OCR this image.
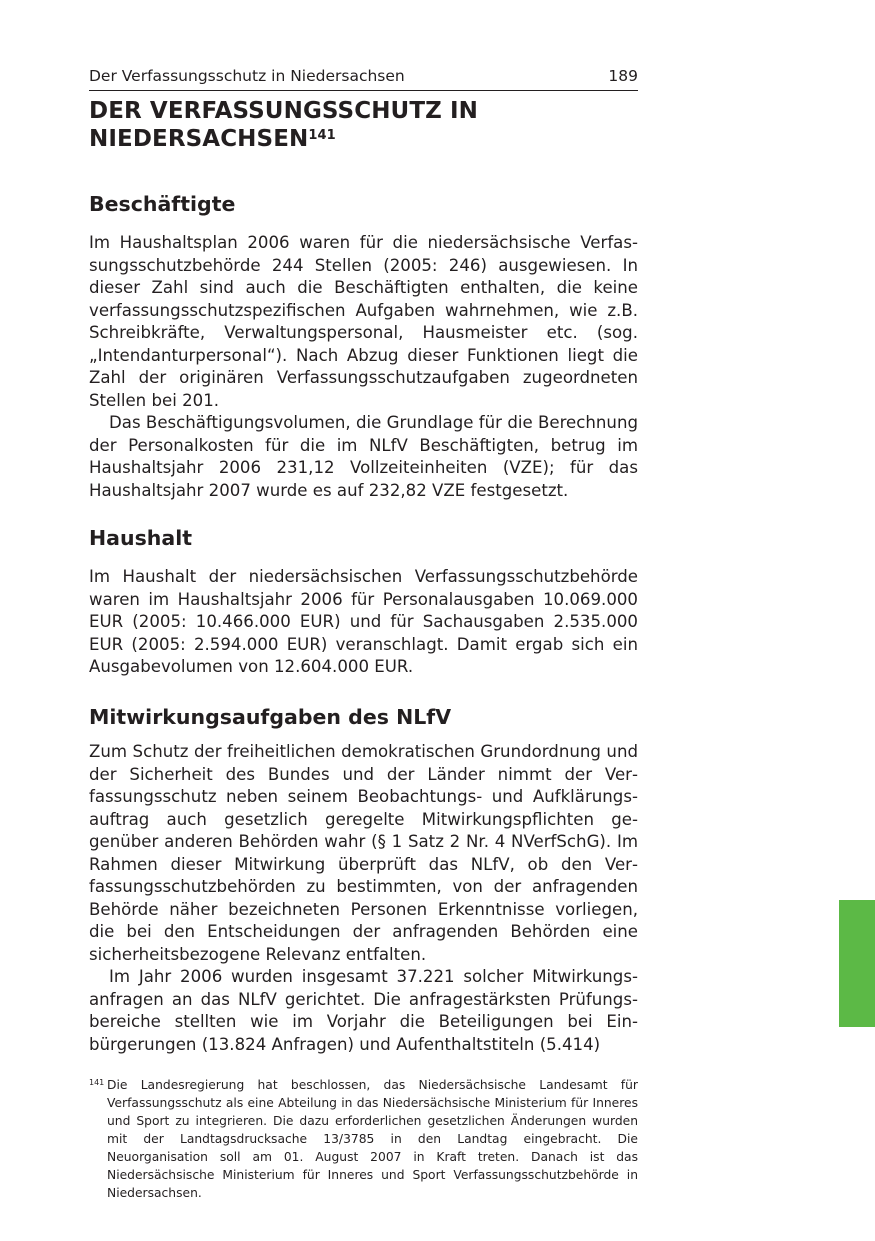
Der Verfassungsschutz in Niedersachsen	189
DER VERFASSUNGSSCHUTZ IN
NIEDERSACHSEN$^{141}$
Beschäftigte

Im Haushaltsplan 2006 waren für die niedersächsische Verfassungsschutzbehörde 244 Stellen (2005: 246) ausgewiesen. In dieser Zahl sind auch die Beschäftigten enthalten, die keine verfassungsschutzspezifischen Aufgaben wahrnehmen, wie z.B. Schreibkräfte, Verwaltungspersonal, Hausmeister etc. (sog. „Intendanturpersonal“). Nach Abzug dieser Funktionen liegt die Zahl der originären Verfassungsschutzaufgaben zugeordneten Stellen bei 201.

Das Beschäftigungsvolumen, die Grundlage für die Berechnung der Personalkosten für die im NLfV Beschäftigten, betrug im Haushaltsjahr 2006 231,12 Vollzeiteinheiten (VZE); für das Haushaltsjahr 2007 wurde es auf 232,82 VZE festgesetzt.

Haushalt

Im Haushalt der niedersächsischen Verfassungsschutzbehörde waren im Haushaltsjahr 2006 für Personalausgaben 10.069.000 EUR (2005: 10.466.000 EUR) und für Sachausgaben 2.535.000 EUR (2005: 2.594.000 EUR) veranschlagt. Damit ergab sich ein Ausgabevolumen von 12.604.000 EUR.

Mitwirkungsaufgaben des NLfV

Zum Schutz der freiheitlichen demokratischen Grundordnung und der Sicherheit des Bundes und der Länder nimmt der Verfassungsschutz neben seinem Beobachtungs- und Aufklärungsauftrag auch gesetzlich geregelte Mitwirkungspflichten gegenüber anderen Behörden wahr (§ 1 Satz 2 Nr. 4 NVerfSchG). Im Rahmen dieser Mitwirkung überprüft das NLfV, ob den Verfassungsschutzbehörden zu bestimmten, von der anfragenden Behörde näher bezeichneten Personen Erkenntnisse vorliegen, die bei den Entscheidungen der anfragenden Behörden eine sicherheitsbezogene Relevanz entfalten.

Im Jahr 2006 wurden insgesamt 37.221 solcher Mitwirkungsanfragen an das NLfV gerichtet. Die anfragestärksten Prüfungsbereiche stellten wie im Vorjahr die Beteiligungen bei Einbürgerungen (13.824 Anfragen) und Aufenthaltstiteln (5.414)

141 Die Landesregierung hat beschlossen, das Niedersächsische Landesamt für Verfassungsschutz als eine Abteilung in das Niedersächsische Ministerium für Inneres und Sport zu integrieren. Die dazu erforderlichen gesetzlichen Änderungen wurden mit der Landtagsdrucksache 13/3785 in den Landtag eingebracht. Die Neuorganisation soll am 01. August 2007 in Kraft treten. Danach ist das Niedersächsische Ministerium für Inneres und Sport Verfassungsschutzbehörde in Niedersachsen.
